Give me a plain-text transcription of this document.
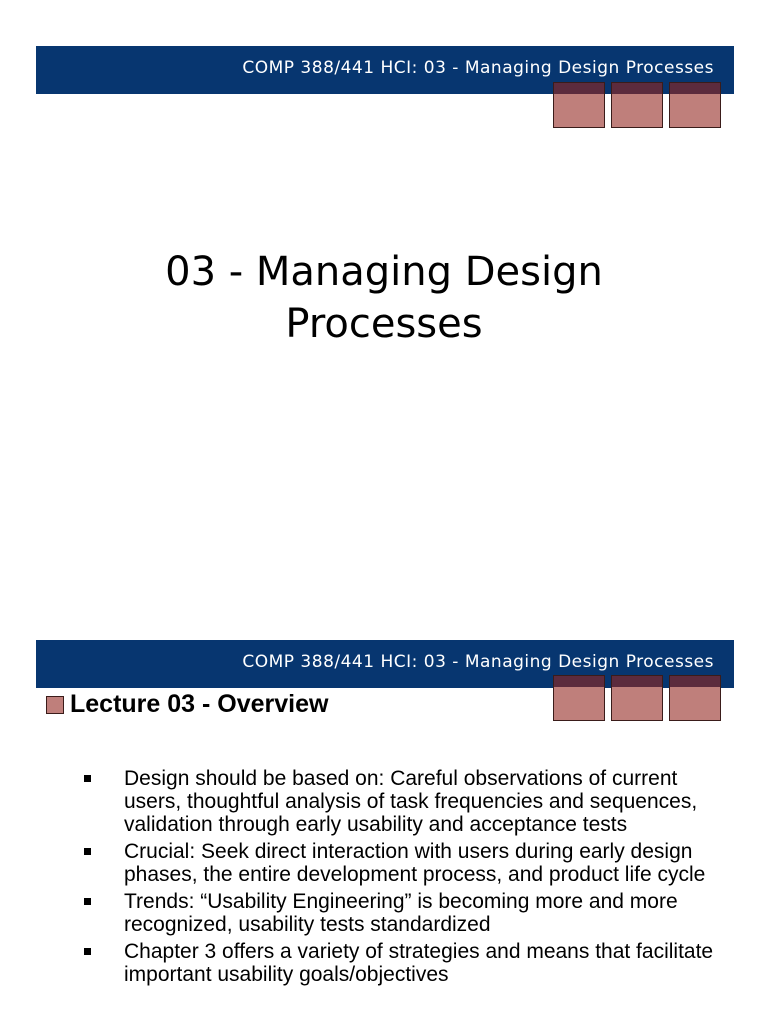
COMP 388/441 HCI: 03 - Managing Design Processes
03 - Managing Design
Processes
COMP 388/441 HCI: 03 - Managing Design Processes
Lecture 03 - Overview
Design should be based on: Careful observations of current users, thoughtful analysis of task frequencies and sequences, validation through early usability and acceptance tests
Crucial: Seek direct interaction with users during early design phases, the entire development process, and product life cycle
Trends: “Usability Engineering” is becoming more and more recognized, usability tests standardized
Chapter 3 offers a variety of strategies and means that facilitate important usability goals/objectives
